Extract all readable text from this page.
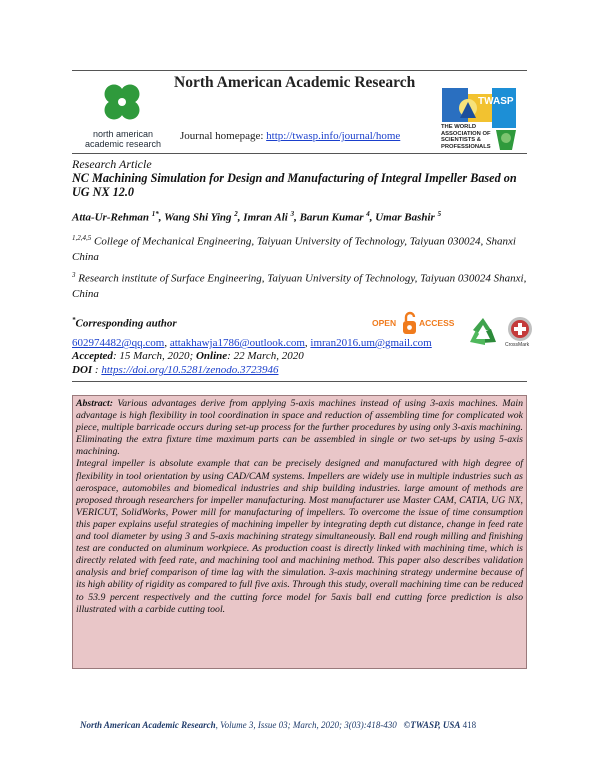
north american academic research
North American Academic Research
Journal homepage: http://twasp.info/journal/home
TWASP
THE WORLD ASSOCIATION OF SCIENTISTS & PROFESSIONALS
Research Article
NC Machining Simulation for Design and Manufacturing of Integral Impeller Based on UG NX 12.0
Atta-Ur-Rehman $^{1*}$, Wang Shi Ying $^2$, Imran Ali $^3$, Barun Kumar $^4$, Umar Bashir $^5$
$^{1,2,4,5}$ College of Mechanical Engineering, Taiyuan University of Technology, Taiyuan 030024, Shanxi China
$^3$ Research institute of Surface Engineering, Taiyuan University of Technology, Taiyuan 030024 Shanxi, China
*Corresponding author	OPEN	ACCESS
CrossMark
602974482@qq.com, attakhawja1786@outlook.com, imran2016.um@gmail.com
Accepted: 15 March, 2020; Online: 22 March, 2020
DOI : https://doi.org/10.5281/zenodo.3723946

Abstract: Various advantages derive from applying 5-axis machines instead of using 3-axis machines. Main advantage is high flexibility in tool coordination in space and reduction of assembling time for complicated wok piece, multiple barricade occurs during set-up process for the further procedures by using only 3-axis machining. Eliminating the extra fixture time maximum parts can be assembled in single or two set-ups by using 5-axis machining.

Integral impeller is absolute example that can be precisely designed and manufactured with high degree of flexibility in tool orientation by using CAD/CAM systems. Impellers are widely use in multiple industries such as aerospace, automobiles and biomedical industries and ship building industries. large amount of methods are proposed through researchers for impeller manufacturing. Most manufacturer use Master CAM, CATIA, UG NX, VERICUT, SolidWorks, Power mill for manufacturing of impellers. To overcome the issue of time consumption this paper explains useful strategies of machining impeller by integrating depth cut distance, change in feed rate and tool diameter by using 3 and 5-axis machining strategy simultaneously. Ball end rough milling and finishing test are conducted on aluminum workpiece. As production coast is directly linked with machining time, which is directly related with feed rate, and machining tool and machining method. This paper also describes validation analysis and brief comparison of time lag with the simulation. 3-axis machining strategy undermine because of its high ability of rigidity as compared to full five axis. Through this study, overall machining time can be reduced to 53.9 percent respectively and the cutting force model for 5axis ball end cutting force prediction is also illustrated with a carbide cutting tool.

North American Academic Research, Volume 3, Issue 03; March, 2020; 3(03):418-430 ©TWASP, USA 418
